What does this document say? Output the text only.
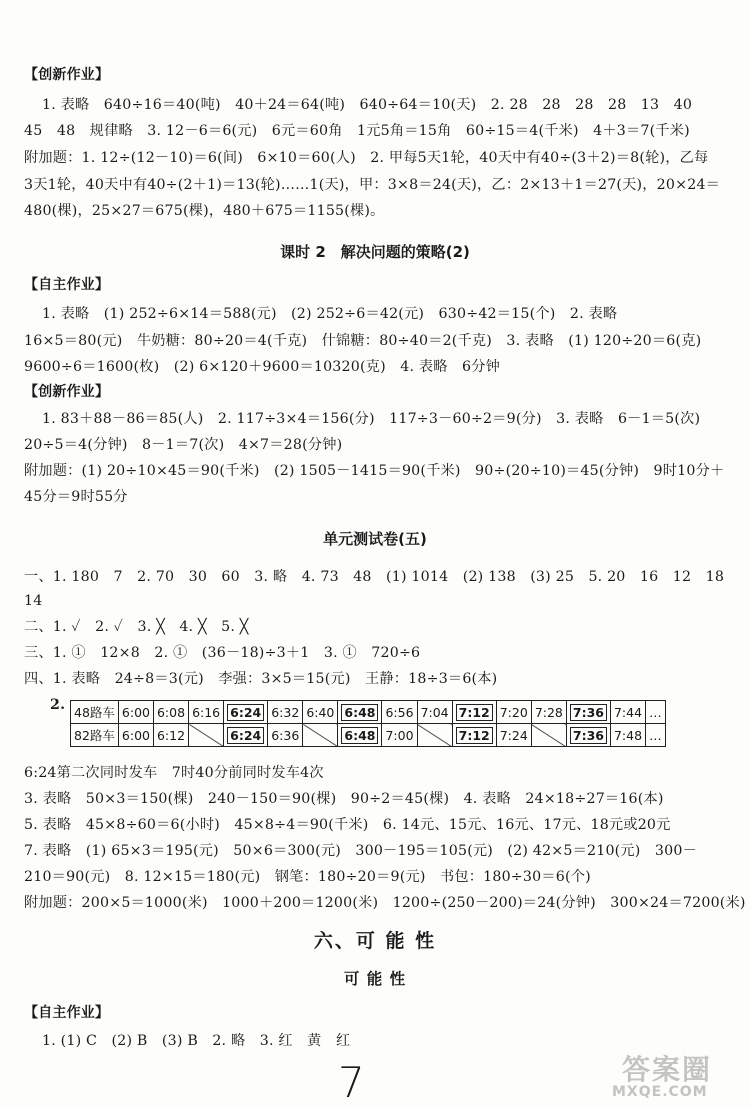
【创新作业】
1. 表略　640÷16＝40(吨)　40＋24＝64(吨)　640÷64＝10(天)　2. 28　28　28　28　13　40
45　48　规律略　3. 12－6＝6(元)　6元＝60角　1元5角＝15角　60÷15＝4(千米)　4＋3＝7(千米)
附加题：1. 12÷(12－10)＝6(间)　6×10＝60(人)　2. 甲每5天1轮，40天中有40÷(3＋2)＝8(轮)，乙每
3天1轮，40天中有40÷(2＋1)＝13(轮)……1(天)，甲：3×8＝24(天)，乙：2×13＋1＝27(天)，20×24＝
480(棵)，25×27＝675(棵)，480＋675＝1155(棵)。
课时 2　解决问题的策略(2)
【自主作业】
1. 表略　(1) 252÷6×14＝588(元)　(2) 252÷6＝42(元)　630÷42＝15(个)　2. 表略
16×5＝80(元)　牛奶糖：80÷20＝4(千克)　什锦糖：80÷40＝2(千克)　3. 表略　(1) 120÷20＝6(克)
9600÷6＝1600(枚)　(2) 6×120＋9600＝10320(克)　4. 表略　6分钟
【创新作业】
1. 83＋88－86＝85(人)　2. 117÷3×4＝156(分)　117÷3－60÷2＝9(分)　3. 表略　6－1＝5(次)
20÷5＝4(分钟)　8－1＝7(次)　4×7＝28(分钟)
附加题：(1) 20÷10×45＝90(千米)　(2) 1505－1415＝90(千米)　90÷(20÷10)＝45(分钟)　9时10分＋
45分＝9时55分
单元测试卷(五)
一、1. 180　7　2. 70　30　60　3. 略　4. 73　48　(1) 1014　(2) 138　(3) 25　5. 20　16　12　18
14
二、1. ✓　2. ✓　3. ╳　4. ╳　5. ╳
三、1. ①　12×8　2. ①　(36－18)÷3＋1　3. ①　720÷6
四、1. 表略　24÷8＝3(元)　李强：3×5＝15(元)　王静：18÷3＝6(本)
2. 48路车	6:00	6:08	6:16	6:24	6:32	6:40	6:48	6:56	7:04	7:12	7:20	7:28	7:36	7:44	…
82路车	6:00	6:12		6:24	6:36		6:48	7:00		7:12	7:24		7:36	7:48	…
6:24第二次同时发车　7时40分前同时发车4次
3. 表略　50×3＝150(棵)　240－150＝90(棵)　90÷2＝45(棵)　4. 表略　24×18÷27＝16(本)
5. 表略　45×8÷60＝6(小时)　45×8÷4＝90(千米)　6. 14元、15元、16元、17元、18元或20元
7. 表略　(1) 65×3＝195(元)　50×6＝300(元)　300－195＝105(元)　(2) 42×5＝210(元)　300－
210＝90(元)　8. 12×15＝180(元)　钢笔：180÷20＝9(元)　书包：180÷30＝6(个)
附加题：200×5＝1000(米)　1000＋200＝1200(米)　1200÷(250－200)＝24(分钟)　300×24＝7200(米)
六、可 能 性
可 能 性
【自主作业】
1. (1) C　(2) B　(3) B　2. 略　3. 红　黄　红
7	答案圈
MXQE.COM
